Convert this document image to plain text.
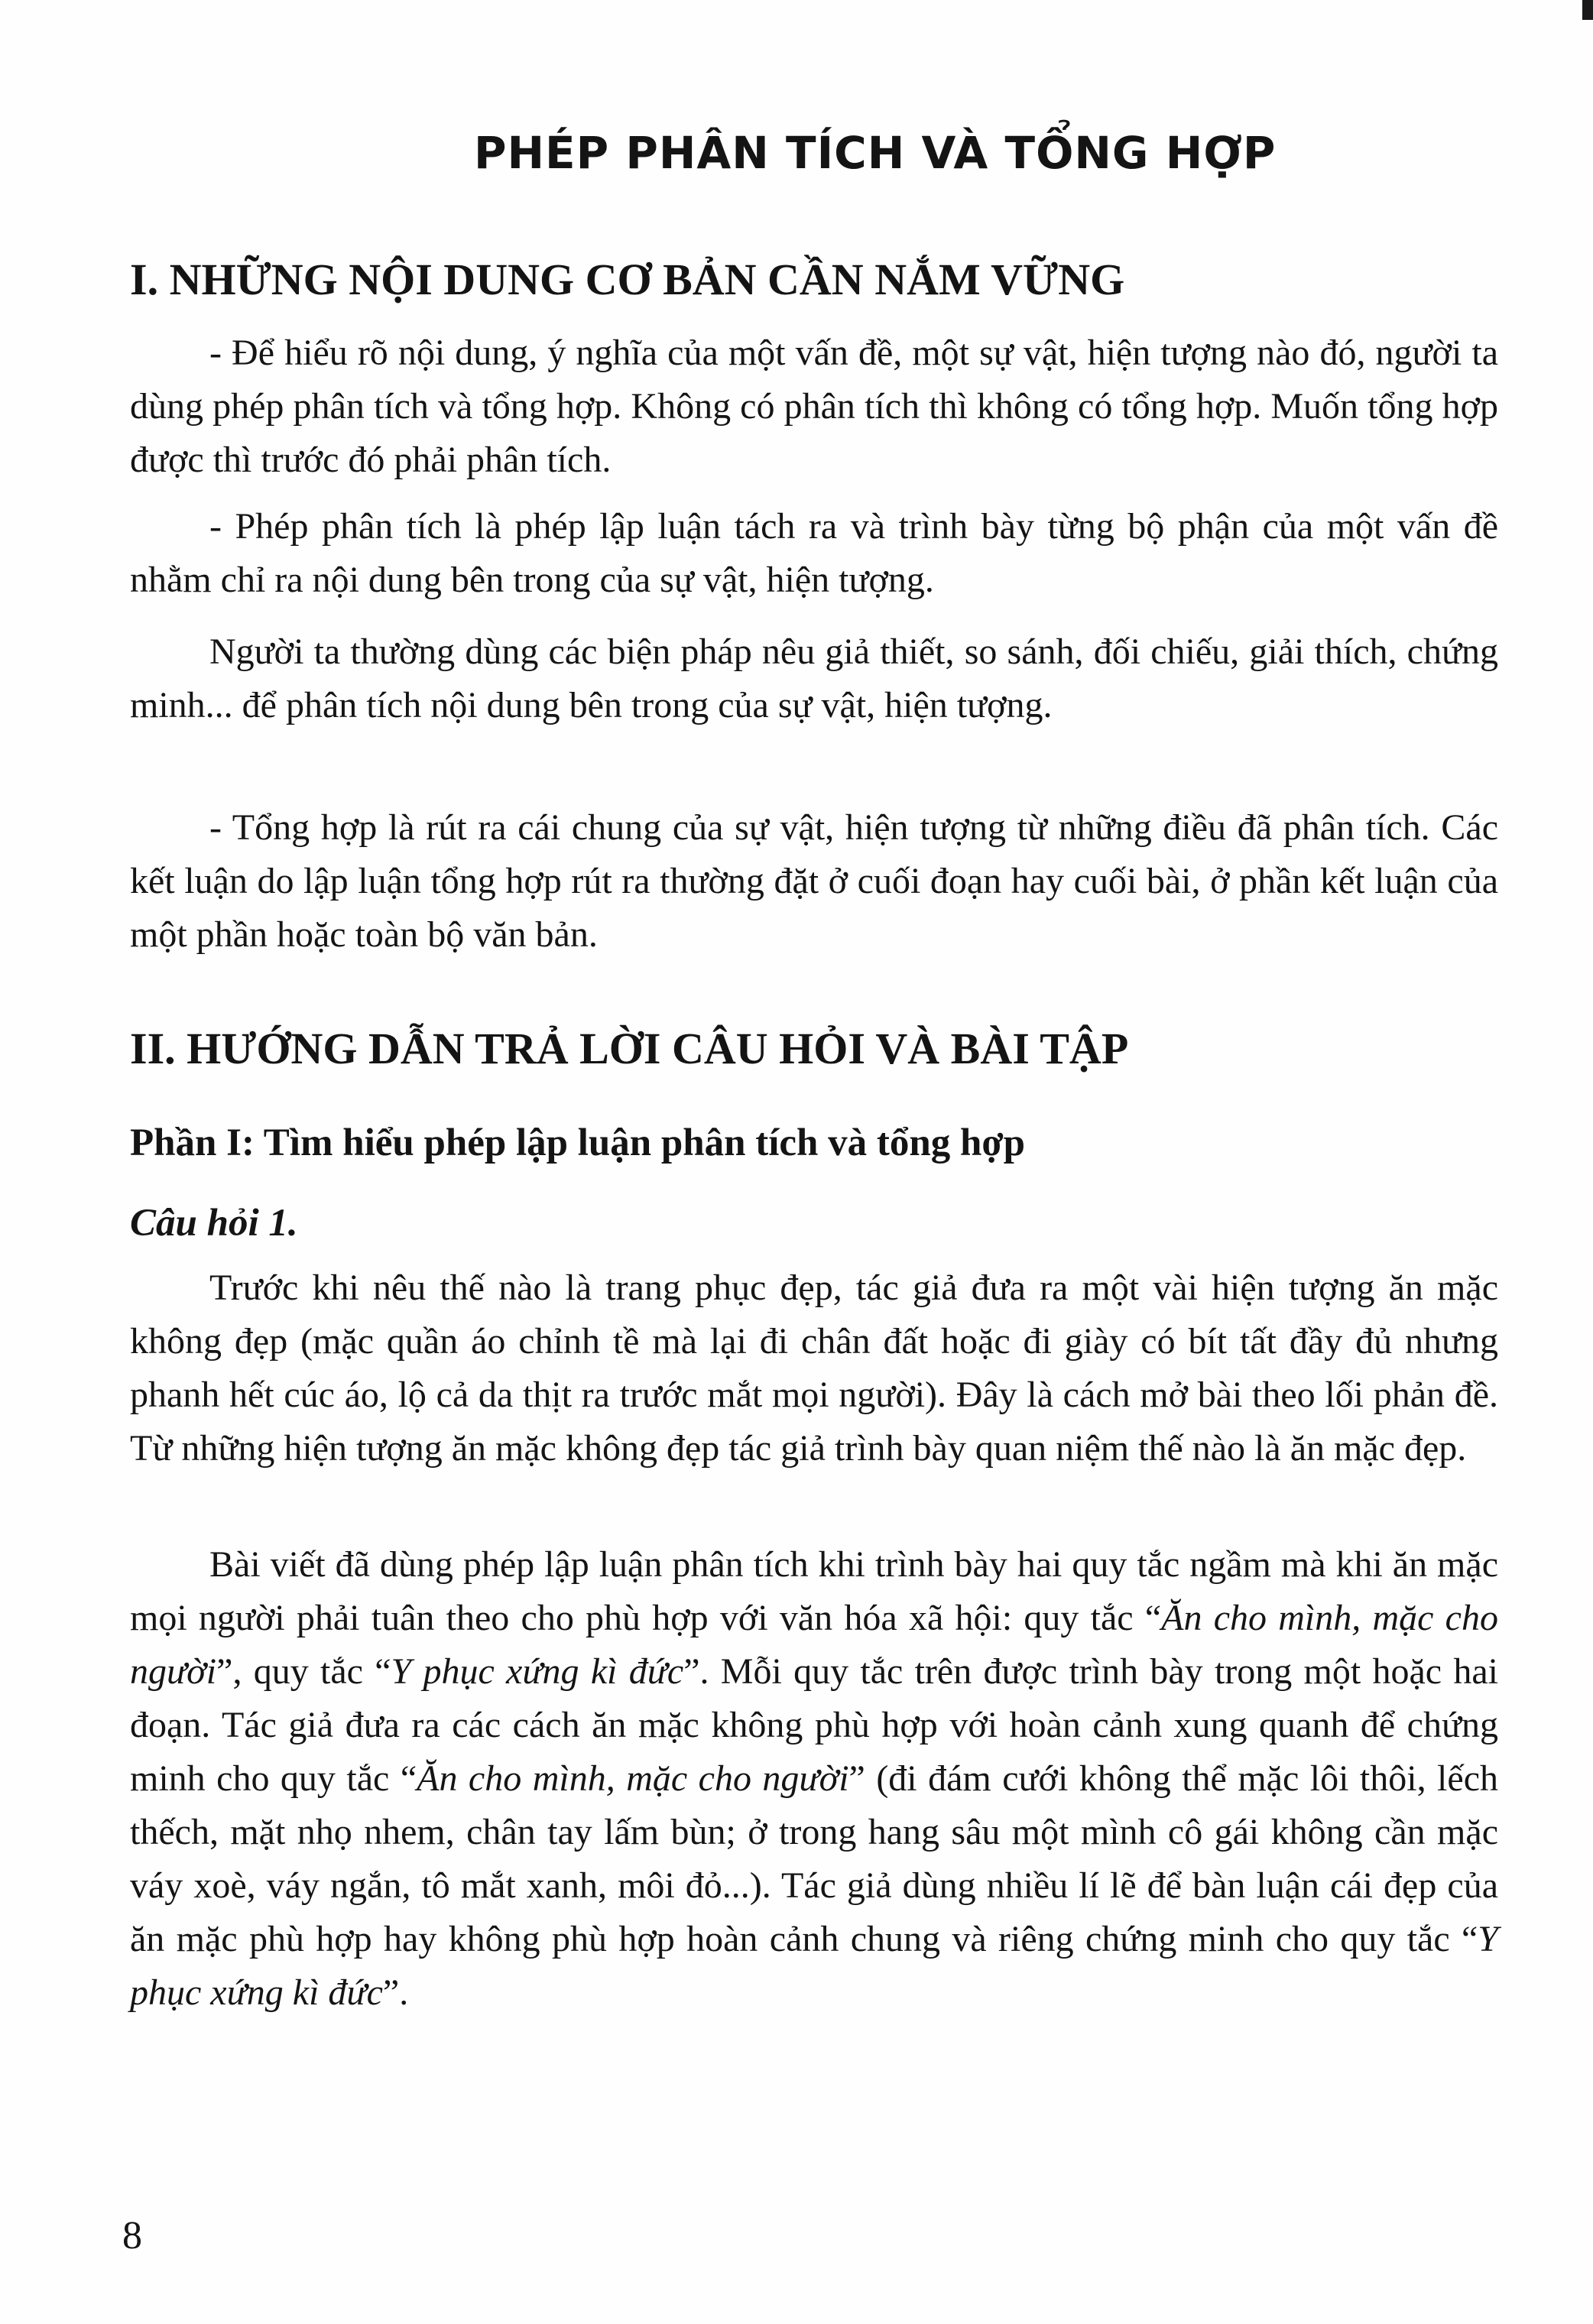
PHÉP PHÂN TÍCH VÀ TỔNG HỢP
I. NHỮNG NỘI DUNG CƠ BẢN CẦN NẮM VỮNG

- Để hiểu rõ nội dung, ý nghĩa của một vấn đề, một sự vật, hiện tượng nào đó, người ta dùng phép phân tích và tổng hợp. Không có phân tích thì không có tổng hợp. Muốn tổng hợp được thì trước đó phải phân tích.

- Phép phân tích là phép lập luận tách ra và trình bày từng bộ phận của một vấn đề nhằm chỉ ra nội dung bên trong của sự vật, hiện tượng.

Người ta thường dùng các biện pháp nêu giả thiết, so sánh, đối chiếu, giải thích, chứng minh... để phân tích nội dung bên trong của sự vật, hiện tượng.

- Tổng hợp là rút ra cái chung của sự vật, hiện tượng từ những điều đã phân tích. Các kết luận do lập luận tổng hợp rút ra thường đặt ở cuối đoạn hay cuối bài, ở phần kết luận của một phần hoặc toàn bộ văn bản.

II. HƯỚNG DẪN TRẢ LỜI CÂU HỎI VÀ BÀI TẬP
Phần I: Tìm hiểu phép lập luận phân tích và tổng hợp
Câu hỏi 1.

Trước khi nêu thế nào là trang phục đẹp, tác giả đưa ra một vài hiện tượng ăn mặc không đẹp (mặc quần áo chỉnh tề mà lại đi chân đất hoặc đi giày có bít tất đầy đủ nhưng phanh hết cúc áo, lộ cả da thịt ra trước mắt mọi người). Đây là cách mở bài theo lối phản đề. Từ những hiện tượng ăn mặc không đẹp tác giả trình bày quan niệm thế nào là ăn mặc đẹp.

Bài viết đã dùng phép lập luận phân tích khi trình bày hai quy tắc ngầm mà khi ăn mặc mọi người phải tuân theo cho phù hợp với văn hóa xã hội: quy tắc “Ăn cho mình, mặc cho người”, quy tắc “Y phục xứng kì đức”. Mỗi quy tắc trên được trình bày trong một hoặc hai đoạn. Tác giả đưa ra các cách ăn mặc không phù hợp với hoàn cảnh xung quanh để chứng minh cho quy tắc “Ăn cho mình, mặc cho người” (đi đám cưới không thể mặc lôi thôi, lếch thếch, mặt nhọ nhem, chân tay lấm bùn; ở trong hang sâu một mình cô gái không cần mặc váy xoè, váy ngắn, tô mắt xanh, môi đỏ...). Tác giả dùng nhiều lí lẽ để bàn luận cái đẹp của ăn mặc phù hợp hay không phù hợp hoàn cảnh chung và riêng chứng minh cho quy tắc “Y phục xứng kì đức”.

8
